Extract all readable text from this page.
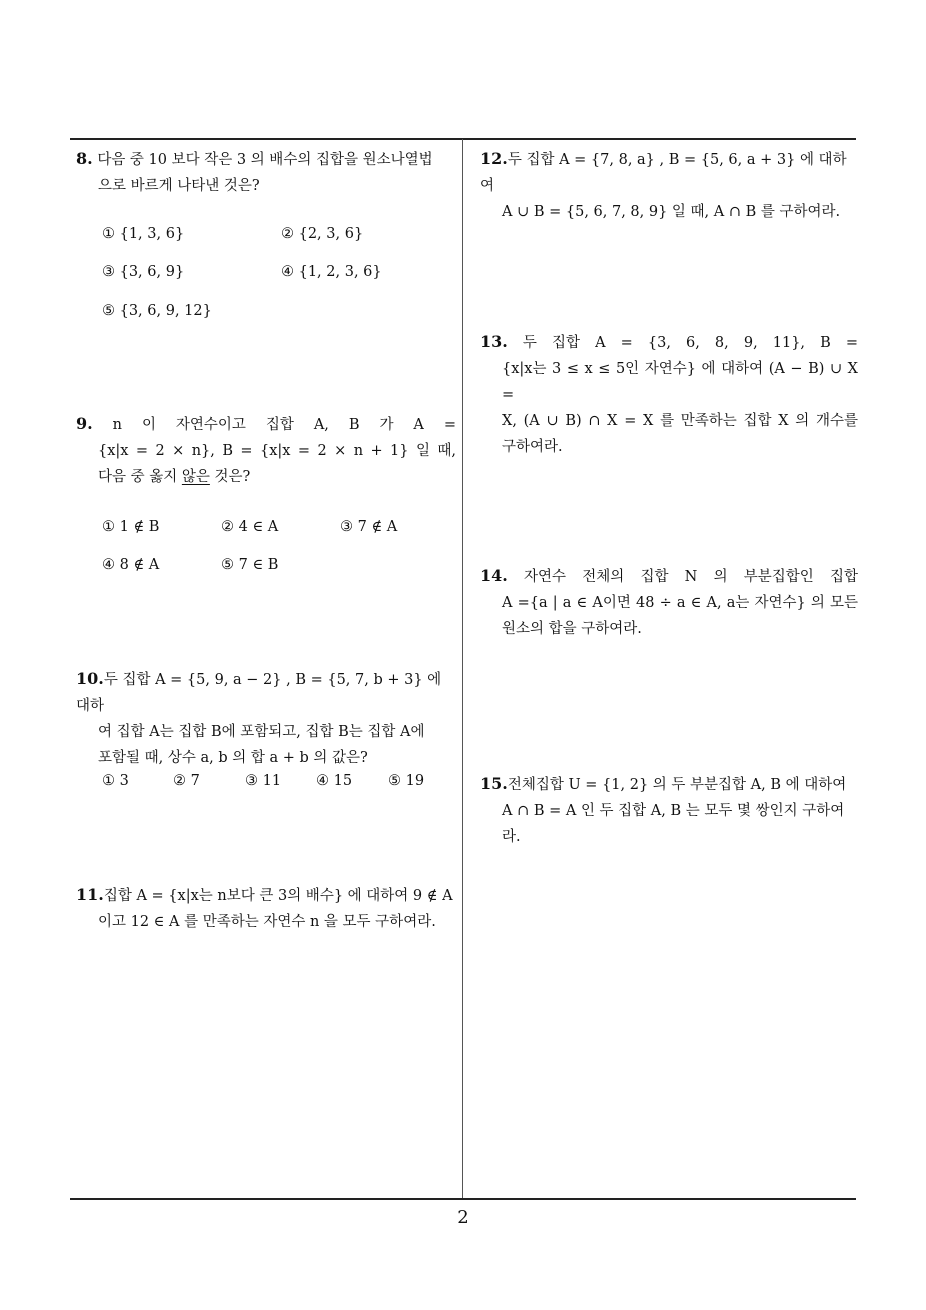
8. 다음 중 10 보다 작은 3 의 배수의 집합을 원소나열법
으로 바르게 나타낸 것은?
① {1, 3, 6}	② {2, 3, 6}
③ {3, 6, 9}	④ {1, 2, 3, 6}
⑤ {3, 6, 9, 12}
9. n 이 자연수이고 집합 A, B 가 A =
{x|x = 2 × n}, B = {x|x = 2 × n + 1} 일 때,
다음 중 옳지 않은 것은?
① 1 ∉ B	② 4 ∈ A	③ 7 ∉ A
④ 8 ∉ A	⑤ 7 ∈ B
10.두 집합 A = {5, 9, a − 2} , B = {5, 7, b + 3} 에 대하
여 집합 A는 집합 B에 포함되고, 집합 B는 집합 A에
포함될 때, 상수 a, b 의 합 a + b 의 값은?
① 3	② 7	③ 11 ④ 15 ⑤ 19
11.집합 A = {x|x는 n보다 큰 3의 배수} 에 대하여 9 ∉ A
이고 12 ∈ A 를 만족하는 자연수 n 을 모두 구하여라.
12.두 집합 A = {7, 8, a} , B = {5, 6, a + 3} 에 대하여
A ∪ B = {5, 6, 7, 8, 9} 일 때, A ∩ B 를 구하여라.
13. 두 집합 A = {3, 6, 8, 9, 11}, B =
{x|x는 3 ≤ x ≤ 5인 자연수} 에 대하여 (A − B) ∪ X =
X, (A ∪ B) ∩ X = X 를 만족하는 집합 X 의 개수를
구하여라.
14. 자연수 전체의 집합 N 의 부분집합인 집합
A ={a | a ∈ A이면 48 ÷ a ∈ A, a는 자연수} 의 모든
원소의 합을 구하여라.
15.전체집합 U = {1, 2} 의 두 부분집합 A, B 에 대하여
A ∩ B = A 인 두 집합 A, B 는 모두 몇 쌍인지 구하여
라.
2
